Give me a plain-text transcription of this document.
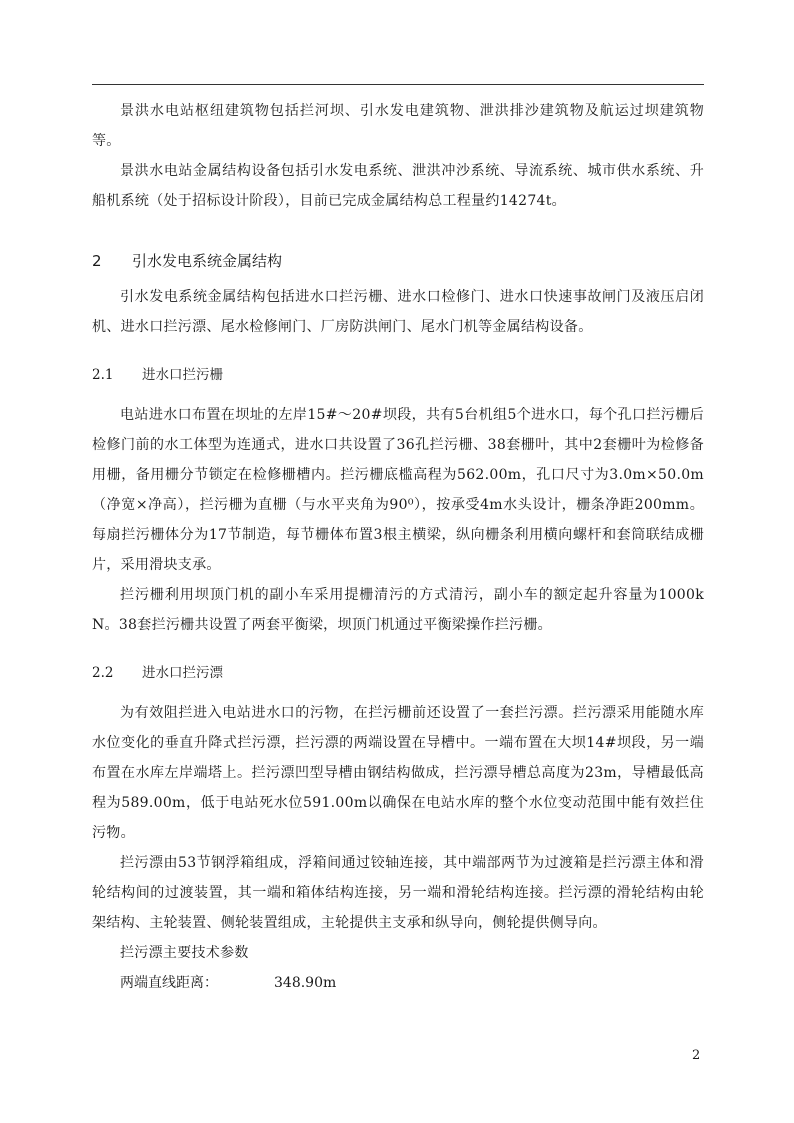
景洪水电站枢纽建筑物包括拦河坝、引水发电建筑物、泄洪排沙建筑物及航运过坝建筑物等。

景洪水电站金属结构设备包括引水发电系统、泄洪冲沙系统、导流系统、城市供水系统、升船机系统（处于招标设计阶段），目前已完成金属结构总工程量约14274t。

2 引水发电系统金属结构

引水发电系统金属结构包括进水口拦污栅、进水口检修门、进水口快速事故闸门及液压启闭机、进水口拦污漂、尾水检修闸门、厂房防洪闸门、尾水门机等金属结构设备。

2.1 进水口拦污栅

电站进水口布置在坝址的左岸15#～20#坝段，共有5台机组5个进水口，每个孔口拦污栅后检修门前的水工体型为连通式，进水口共设置了36孔拦污栅、38套栅叶，其中2套栅叶为检修备用栅，备用栅分节锁定在检修栅槽内。拦污栅底槛高程为562.00m，孔口尺寸为3.0m×50.0m（净宽×净高），拦污栅为直栅（与水平夹角为90⁰），按承受4m水头设计，栅条净距200mm。每扇拦污栅体分为17节制造，每节栅体布置3根主横梁，纵向栅条利用横向螺杆和套筒联结成栅片，采用滑块支承。

拦污栅利用坝顶门机的副小车采用提栅清污的方式清污，副小车的额定起升容量为1000kN。38套拦污栅共设置了两套平衡梁，坝顶门机通过平衡梁操作拦污栅。

2.2 进水口拦污漂

为有效阻拦进入电站进水口的污物，在拦污栅前还设置了一套拦污漂。拦污漂采用能随水库水位变化的垂直升降式拦污漂，拦污漂的两端设置在导槽中。一端布置在大坝14#坝段，另一端布置在水库左岸端塔上。拦污漂凹型导槽由钢结构做成，拦污漂导槽总高度为23m，导槽最低高程为589.00m，低于电站死水位591.00m以确保在电站水库的整个水位变动范围中能有效拦住污物。

拦污漂由53节钢浮箱组成，浮箱间通过铰轴连接，其中端部两节为过渡箱是拦污漂主体和滑轮结构间的过渡装置，其一端和箱体结构连接，另一端和滑轮结构连接。拦污漂的滑轮结构由轮架结构、主轮装置、侧轮装置组成，主轮提供主支承和纵导向，侧轮提供侧导向。

拦污漂主要技术参数

两端直线距离：	348.90m

2
